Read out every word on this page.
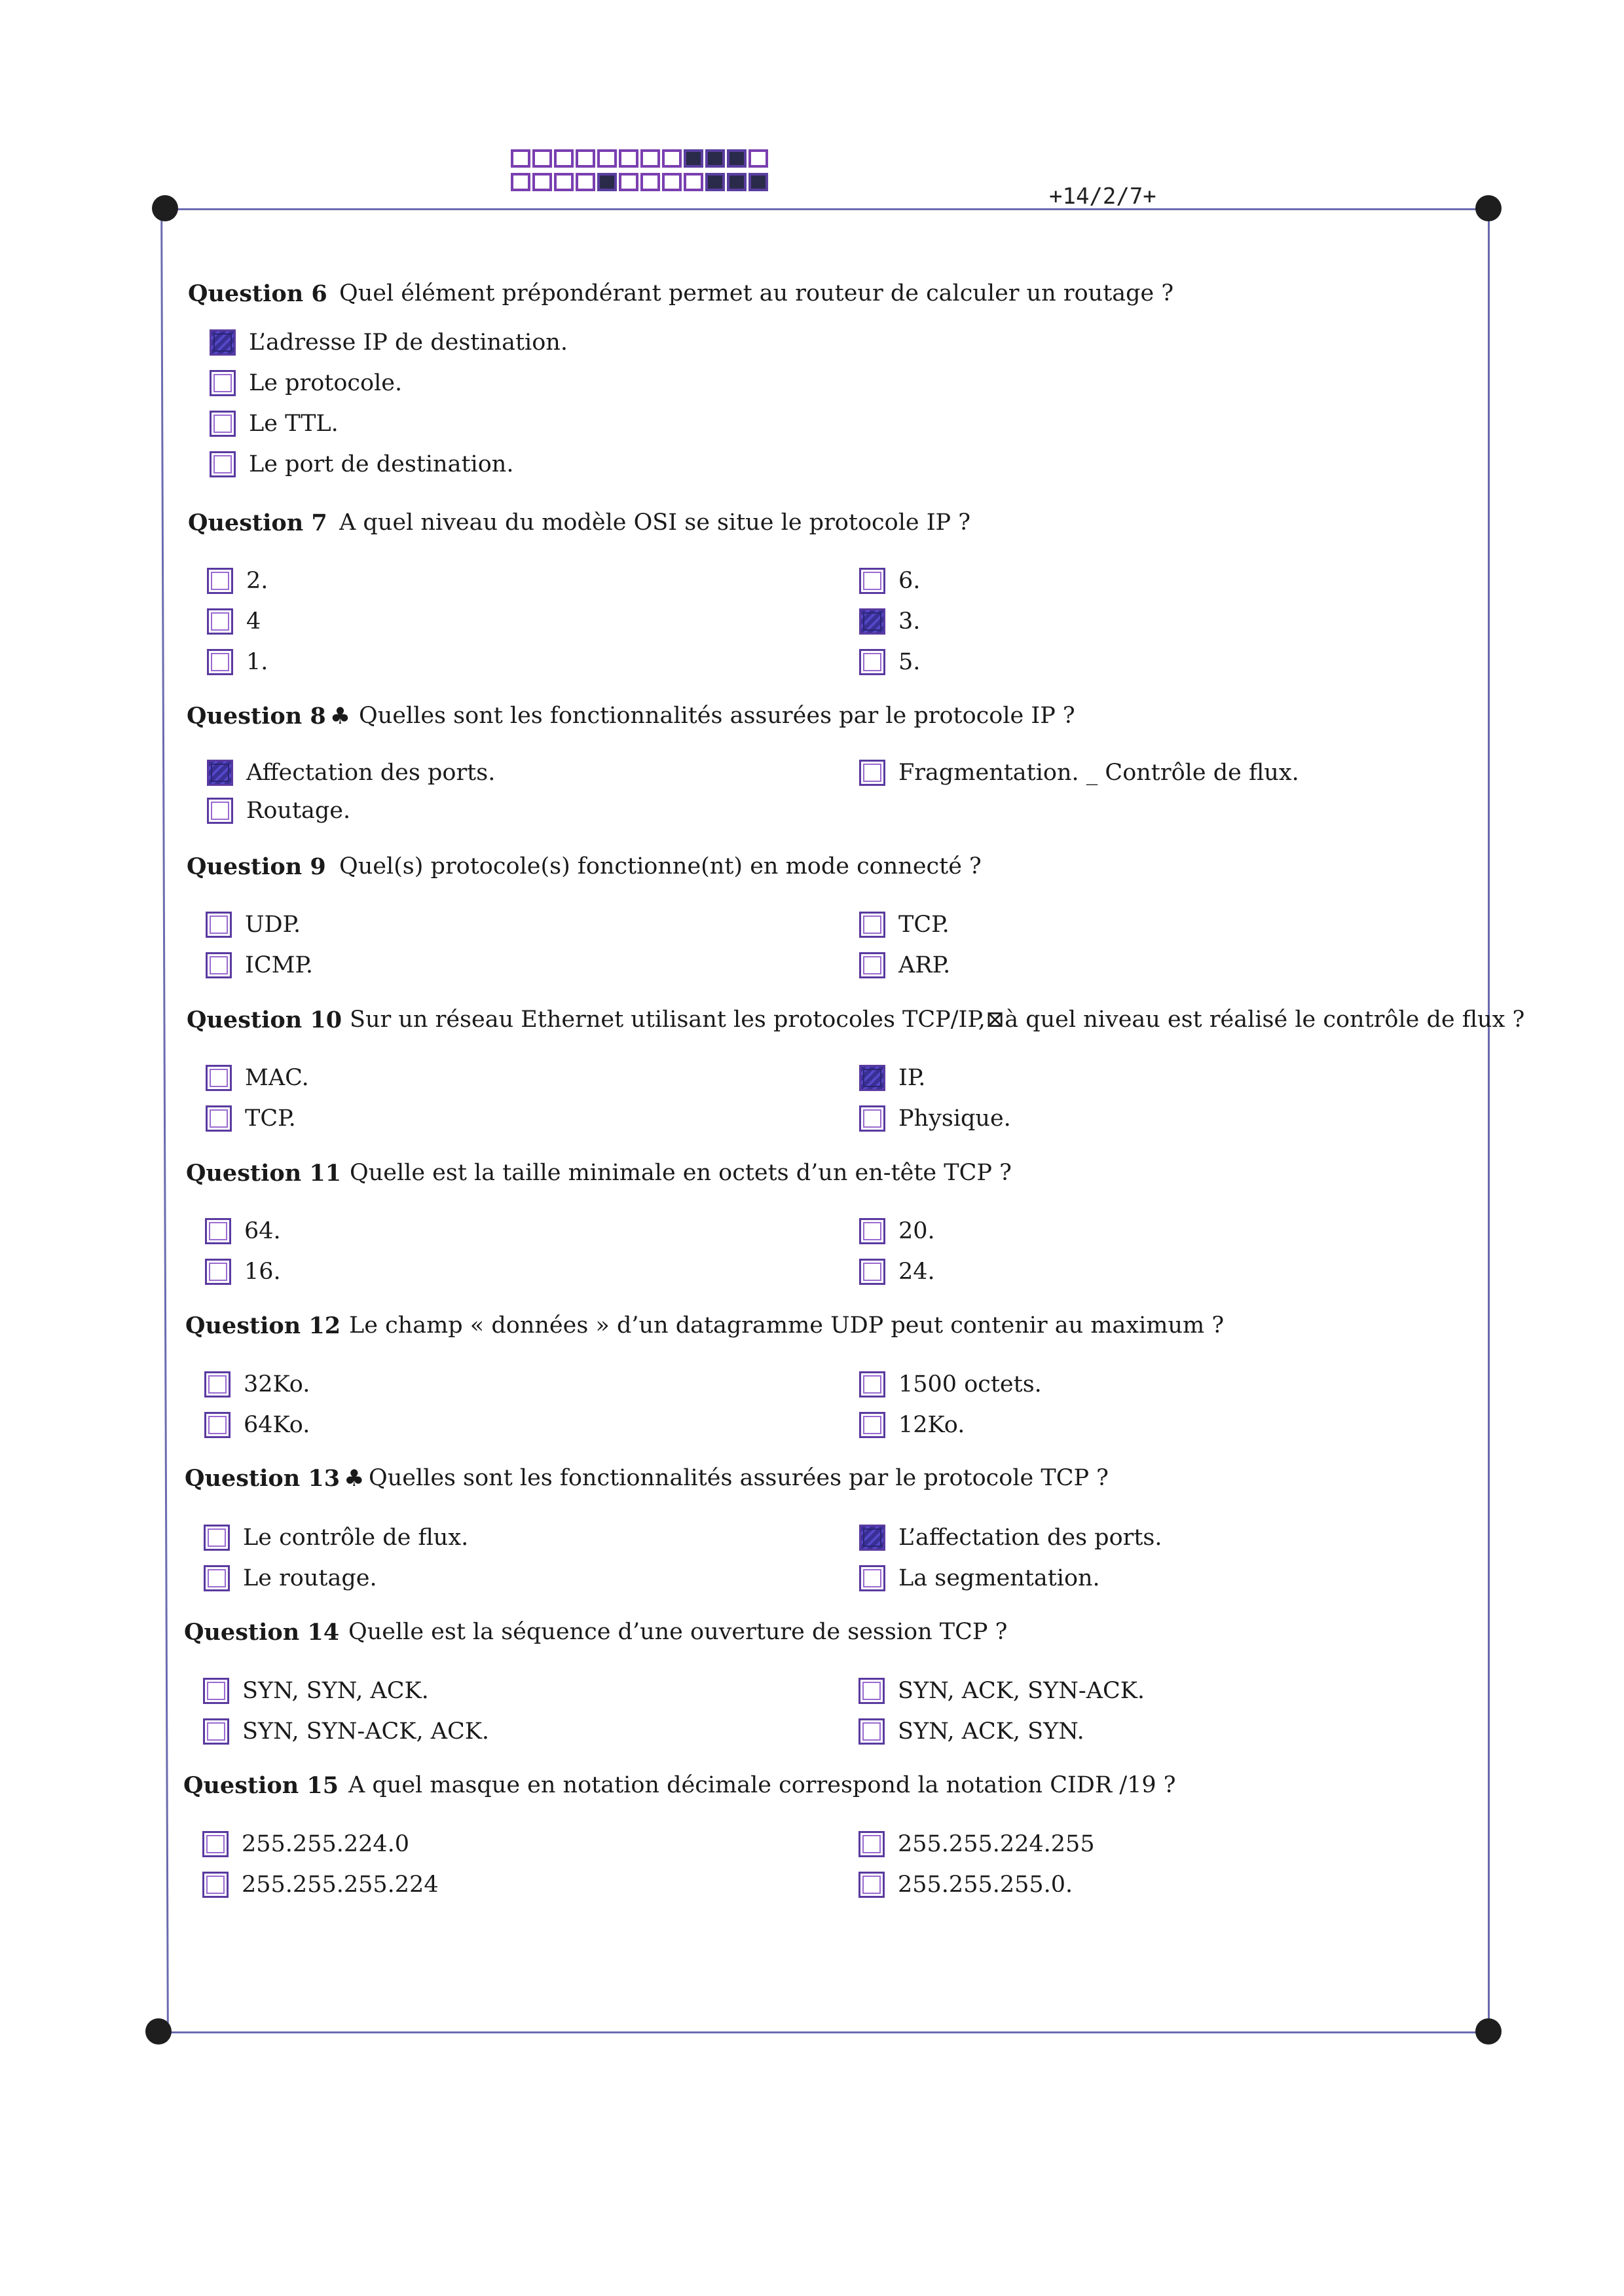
+14/2/7+
Question 6 Quel élément prépondérant permet au routeur de calculer un routage ?
L’adresse IP de destination.
Le protocole.
Le TTL.
Le port de destination.
Question 7 A quel niveau du modèle OSI se situe le protocole IP ?
2.	6.
4	3.
1.	5.
Question 8 ♣ Quelles sont les fonctionnalités assurées par le protocole IP ?
Affectation des ports.	Fragmentation. _ Contrôle de flux.
Routage.
Question 9 Quel(s) protocole(s) fonctionne(nt) en mode connecté ?
UDP.	TCP.
ICMP.	ARP.
Question 10 Sur un réseau Ethernet utilisant les protocoles TCP/IP,⊠à quel niveau est réalisé le contrôle de flux ?
MAC.	IP.
TCP.	Physique.
Question 11 Quelle est la taille minimale en octets d’un en-tête TCP ?
64.	20.
16.	24.
Question 12 Le champ « données » d’un datagramme UDP peut contenir au maximum ?
32Ko.	1500 octets.
64Ko.	12Ko.
Question 13 ♣ Quelles sont les fonctionnalités assurées par le protocole TCP ?
Le contrôle de flux.	L’affectation des ports.
Le routage.	La segmentation.
Question 14 Quelle est la séquence d’une ouverture de session TCP ?
SYN, SYN, ACK.	SYN, ACK, SYN-ACK.
SYN, SYN-ACK, ACK.	SYN, ACK, SYN.
Question 15 A quel masque en notation décimale correspond la notation CIDR /19 ?
255.255.224.0	255.255.224.255
255.255.255.224	255.255.255.0.
